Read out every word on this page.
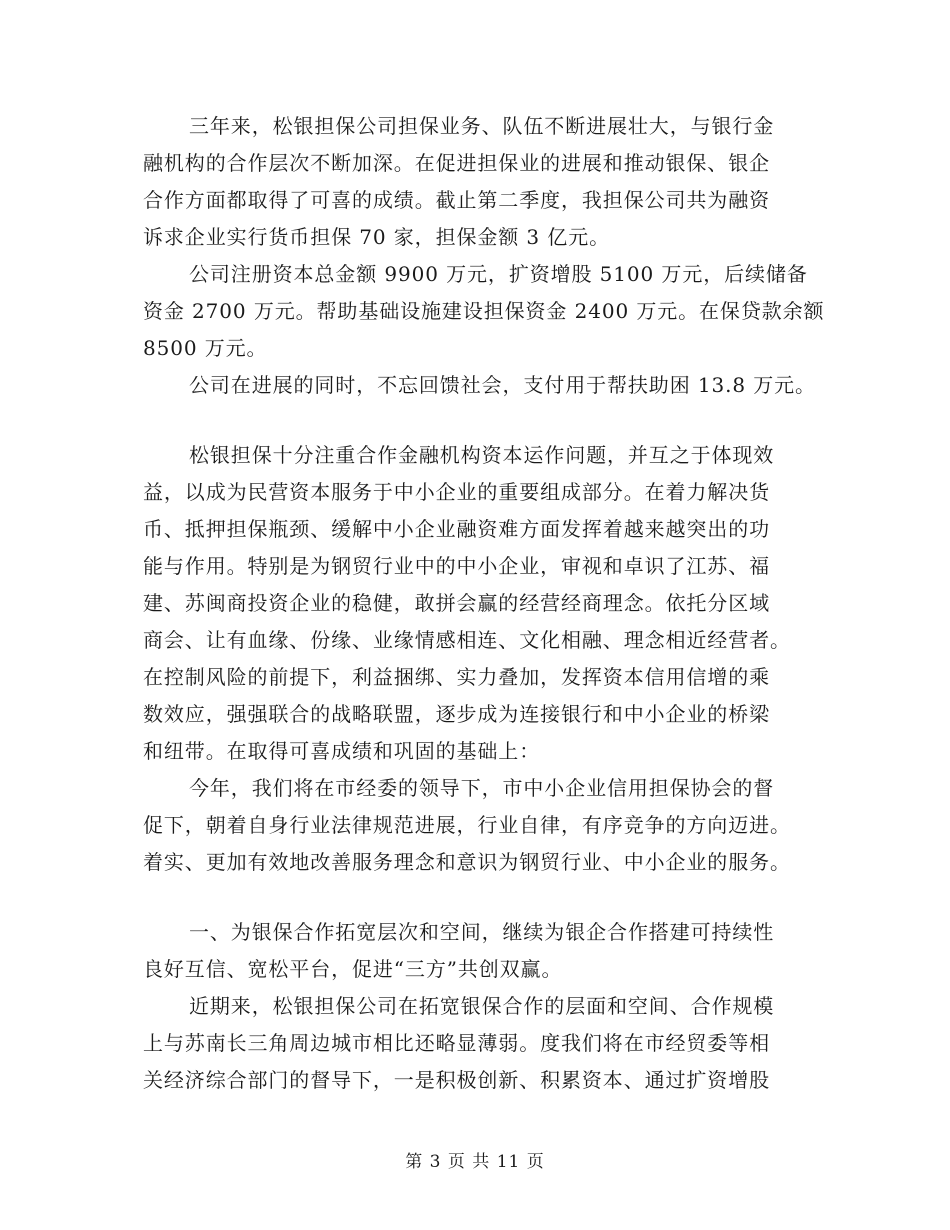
三年来，松银担保公司担保业务、队伍不断进展壮大，与银行金
融机构的合作层次不断加深。在促进担保业的进展和推动银保、银企
合作方面都取得了可喜的成绩。截止第二季度，我担保公司共为融资
诉求企业实行货币担保 70 家，担保金额 3 亿元。
公司注册资本总金额 9900 万元，扩资增股 5100 万元，后续储备
资金 2700 万元。帮助基础设施建设担保资金 2400 万元。在保贷款余额
8500 万元。
公司在进展的同时，不忘回馈社会，支付用于帮扶助困 13.8 万元。
松银担保十分注重合作金融机构资本运作问题，并互之于体现效
益，以成为民营资本服务于中小企业的重要组成部分。在着力解决货
币、抵押担保瓶颈、缓解中小企业融资难方面发挥着越来越突出的功
能与作用。特别是为钢贸行业中的中小企业，审视和卓识了江苏、福
建、苏闽商投资企业的稳健，敢拼会赢的经营经商理念。依托分区域
商会、让有血缘、份缘、业缘情感相连、文化相融、理念相近经营者。
在控制风险的前提下，利益捆绑、实力叠加，发挥资本信用信增的乘
数效应，强强联合的战略联盟，逐步成为连接银行和中小企业的桥梁
和纽带。在取得可喜成绩和巩固的基础上：
今年，我们将在市经委的领导下，市中小企业信用担保协会的督
促下，朝着自身行业法律规范进展，行业自律，有序竞争的方向迈进。
着实、更加有效地改善服务理念和意识为钢贸行业、中小企业的服务。
一、为银保合作拓宽层次和空间，继续为银企合作搭建可持续性
良好互信、宽松平台，促进“三方”共创双赢。
近期来，松银担保公司在拓宽银保合作的层面和空间、合作规模
上与苏南长三角周边城市相比还略显薄弱。度我们将在市经贸委等相
关经济综合部门的督导下，一是积极创新、积累资本、通过扩资增股
第 3 页 共 11 页
